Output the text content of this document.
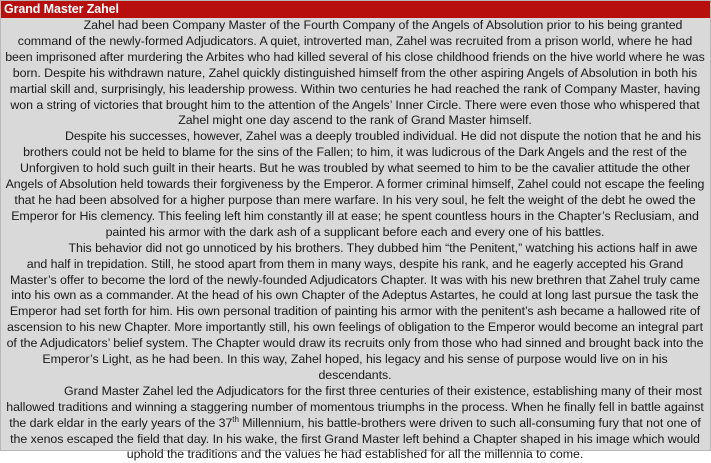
Grand Master Zahel

Zahel had been Company Master of the Fourth Company of the Angels of Absolution prior to his being granted command of the newly-formed Adjudicators. A quiet, introverted man, Zahel was recruited from a prison world, where he had been imprisoned after murdering the Arbites who had killed several of his close childhood friends on the hive world where he was born. Despite his withdrawn nature, Zahel quickly distinguished himself from the other aspiring Angels of Absolution in both his martial skill and, surprisingly, his leadership prowess. Within two centuries he had reached the rank of Company Master, having won a string of victories that brought him to the attention of the Angels’ Inner Circle. There were even those who whispered that Zahel might one day ascend to the rank of Grand Master himself.

Despite his successes, however, Zahel was a deeply troubled individual. He did not dispute the notion that he and his brothers could not be held to blame for the sins of the Fallen; to him, it was ludicrous of the Dark Angels and the rest of the Unforgiven to hold such guilt in their hearts. But he was troubled by what seemed to him to be the cavalier attitude the other Angels of Absolution held towards their forgiveness by the Emperor. A former criminal himself, Zahel could not escape the feeling that he had been absolved for a higher purpose than mere warfare. In his very soul, he felt the weight of the debt he owed the Emperor for His clemency. This feeling left him constantly ill at ease; he spent countless hours in the Chapter’s Reclusiam, and painted his armor with the dark ash of a supplicant before each and every one of his battles.

This behavior did not go unnoticed by his brothers. They dubbed him “the Penitent,” watching his actions half in awe and half in trepidation. Still, he stood apart from them in many ways, despite his rank, and he eagerly accepted his Grand Master’s offer to become the lord of the newly-founded Adjudicators Chapter. It was with his new brethren that Zahel truly came into his own as a commander. At the head of his own Chapter of the Adeptus Astartes, he could at long last pursue the task the Emperor had set forth for him. His own personal tradition of painting his armor with the penitent’s ash became a hallowed rite of ascension to his new Chapter. More importantly still, his own feelings of obligation to the Emperor would become an integral part of the Adjudicators’ belief system. The Chapter would draw its recruits only from those who had sinned and brought back into the Emperor’s Light, as he had been. In this way, Zahel hoped, his legacy and his sense of purpose would live on in his descendants.

Grand Master Zahel led the Adjudicators for the first three centuries of their existence, establishing many of their most hallowed traditions and winning a staggering number of momentous triumphs in the process. When he finally fell in battle against the dark eldar in the early years of the 37th Millennium, his battle-brothers were driven to such all-consuming fury that not one of the xenos escaped the field that day. In his wake, the first Grand Master left behind a Chapter shaped in his image which would uphold the traditions and the values he had established for all the millennia to come.
